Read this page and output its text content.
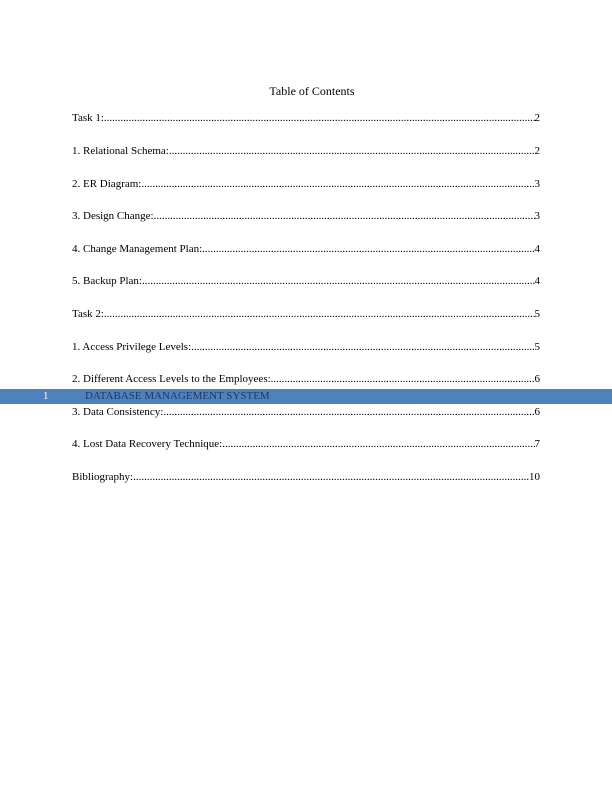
Table of Contents
Task 1: .....	2
1. Relational Schema: .....	2
2. ER Diagram: .....	3
3. Design Change: .....	3
4. Change Management Plan: .....	4
5. Backup Plan: .....	4
Task 2: .....	5
1. Access Privilege Levels: .....	5
2. Different Access Levels to the Employees: .....	6
1	DATABASE MANAGEMENT SYSTEM
3. Data Consistency: .....	6
4. Lost Data Recovery Technique: .....	7
Bibliography: .....	10
